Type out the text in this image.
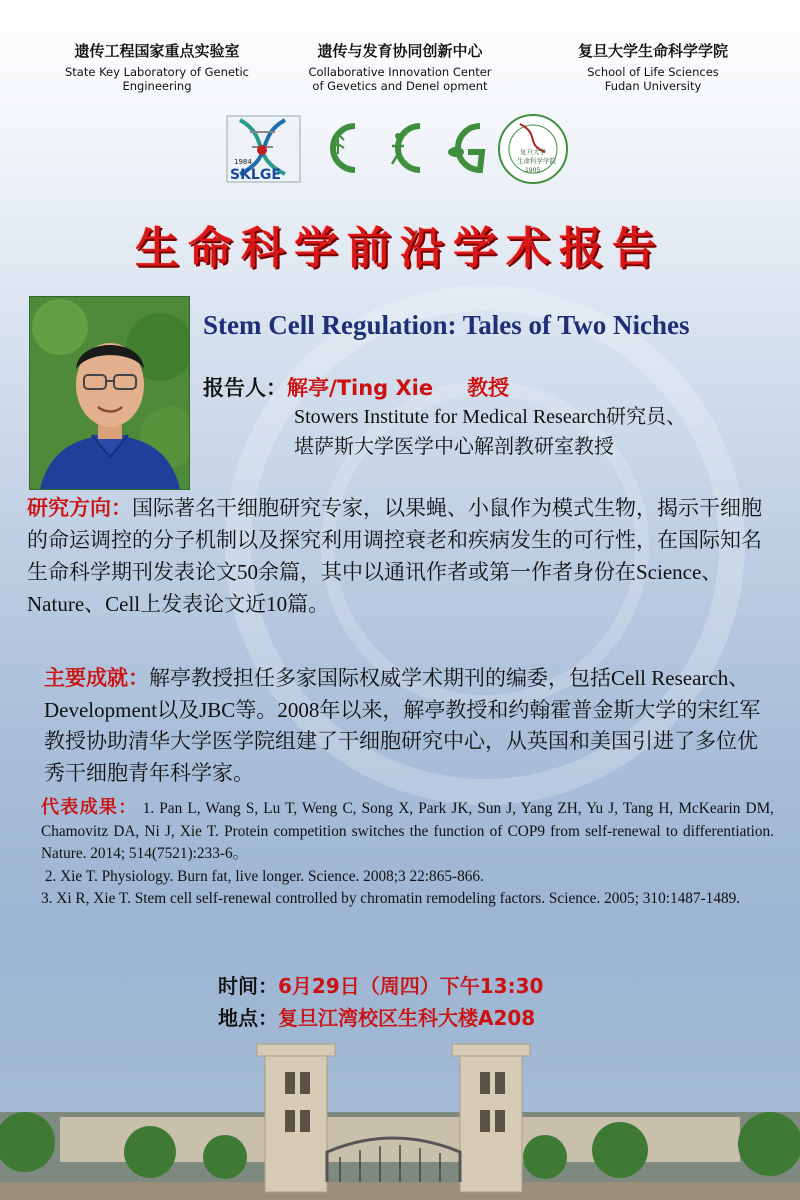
遗传工程国家重点实验室
State Key Laboratory of Genetic
Engineering
遗传与发育协同创新中心
Collaborative Innovation Center
of Gevetics and Denel opment
复旦大学生命科学学院
School of Life Sciences
Fudan University
1984
SKLGE
复旦大学
生命科学学院
1905
生命科学前沿学术报告
Stem Cell Regulation: Tales of Two Niches
报告人：解亭/Ting Xie 教授
Stowers Institute for Medical Research研究员、
堪萨斯大学医学中心解剖教研室教授
研究方向：国际著名干细胞研究专家，以果蝇、小鼠作为模式生物，揭示干细胞的命运调控的分子机制以及探究利用调控衰老和疾病发生的可行性，在国际知名生命科学期刊发表论文50余篇，其中以通讯作者或第一作者身份在Science、Nature、Cell上发表论文近10篇。
主要成就：解亭教授担任多家国际权威学术期刊的编委，包括Cell Research、Development以及JBC等。2008年以来，解亭教授和约翰霍普金斯大学的宋红军教授协助清华大学医学院组建了干细胞研究中心，从英国和美国引进了多位优秀干细胞青年科学家。

代表成果： 1. Pan L, Wang S, Lu T, Weng C, Song X, Park JK, Sun J, Yang ZH, Yu J, Tang H, McKearin DM, Chamovitz DA, Ni J, Xie T. Protein competition switches the function of COP9 from self-renewal to differentiation. Nature. 2014; 514(7521):233-6。

2. Xie T. Physiology. Burn fat, live longer. Science. 2008;3 22:865-866.

3. Xi R, Xie T. Stem cell self-renewal controlled by chromatin remodeling factors. Science. 2005; 310:1487-1489.

时间：6月29日（周四）下午13:30
地点：复旦江湾校区生科大楼A208
